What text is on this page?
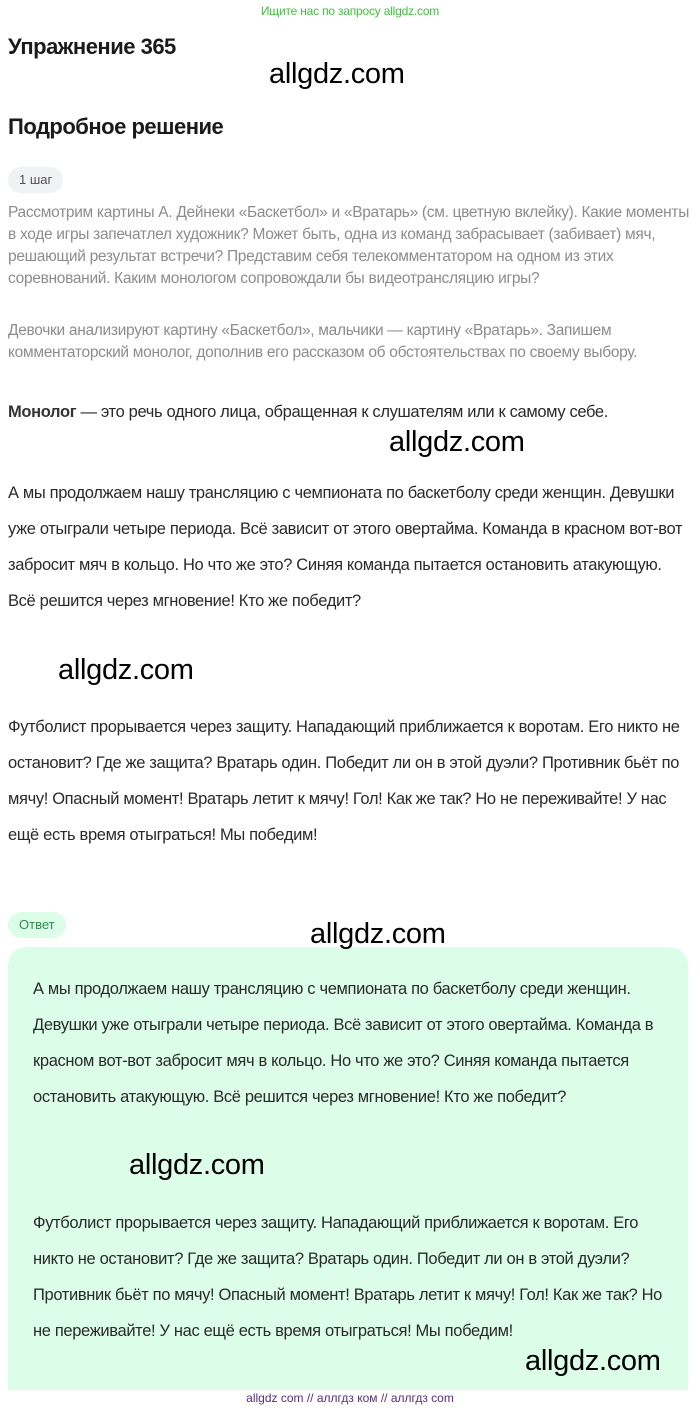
Ищите нас по запросу allgdz.com
Упражнение 365
allgdz.com
Подробное решение
1 шаг

Рассмотрим картины А. Дейнеки «Баскетбол» и «Вратарь» (см. цветную вклейку). Какие моменты в ходе игры запечатлел художник? Может быть, одна из команд забрасывает (забивает) мяч, решающий результат встречи? Представим себя телекомментатором на одном из этих соревнований. Каким монологом сопровождали бы видеотрансляцию игры?

Девочки анализируют картину «Баскетбол», мальчики — картину «Вратарь». Запишем комментаторский монолог, дополнив его рассказом об обстоятельствах по своему выбору.

Монолог — это речь одного лица, обращенная к слушателям или к самому себе.

allgdz.com

А мы продолжаем нашу трансляцию с чемпионата по баскетболу среди женщин. Девушки уже отыграли четыре периода. Всё зависит от этого овертайма. Команда в красном вот-вот забросит мяч в кольцо. Но что же это? Синяя команда пытается остановить атакующую. Всё решится через мгновение! Кто же победит?

allgdz.com

Футболист прорывается через защиту. Нападающий приближается к воротам. Его никто не остановит? Где же защита? Вратарь один. Победит ли он в этой дуэли? Противник бьёт по мячу! Опасный момент! Вратарь летит к мячу! Гол! Как же так? Но не переживайте! У нас ещё есть время отыграться! Мы победим!

Ответ	allgdz.com

А мы продолжаем нашу трансляцию с чемпионата по баскетболу среди женщин. Девушки уже отыграли четыре периода. Всё зависит от этого овертайма. Команда в красном вот-вот забросит мяч в кольцо. Но что же это? Синяя команда пытается остановить атакующую. Всё решится через мгновение! Кто же победит?

allgdz.com

Футболист прорывается через защиту. Нападающий приближается к воротам. Его никто не остановит? Где же защита? Вратарь один. Победит ли он в этой дуэли? Противник бьёт по мячу! Опасный момент! Вратарь летит к мячу! Гол! Как же так? Но не переживайте! У нас ещё есть время отыграться! Мы победим!

allgdz.com
allgdz com // аллгдз ком // аллгдз com
